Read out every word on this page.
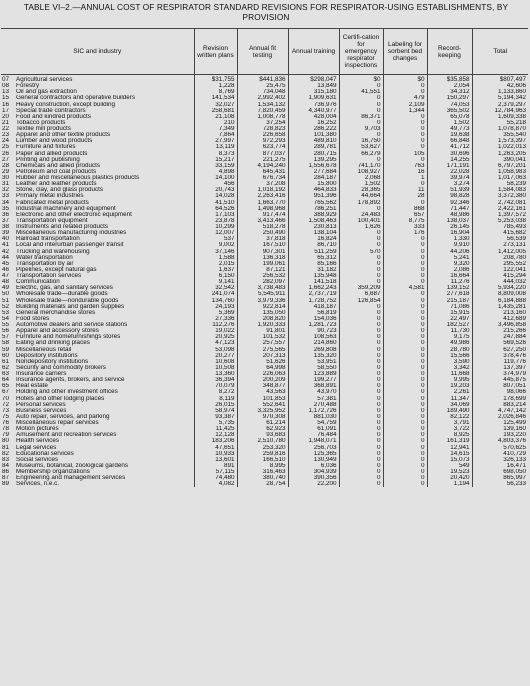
TABLE VI–2.—ANNUAL COST OF RESPIRATOR STANDARD REVISIONS FOR RESPIRATOR-USING ESTABLISHMENTS, BY PROVISION
SIC and industry		Revision written plans	Annual fit testing	Annual training	Certifi-cation for emergency respirator inspections	Labeling for sorbent bed changes	Record-keeping	Total
07	Agricultural services	$31,755	$441,836	$298,047	$0	$0	$35,858	$807,497
08	Forestry	1,228	25,475	13,849	0	0	2,054	42,606
13	Oil and gas extraction	8,769	734,048	315,180	41,551	0	34,312	1,133,860
15	General contractors and operative builders	141,534	2,992,402	1,909,631	0	479	150,297	5,194,342
16	Heavy construction, except building	32,027	1,534,132	736,976	0	2,109	74,053	2,379,297
17	Special trade contractors	258,681	7,820,459	4,340,977	0	1,344	365,502	12,784,963
20	Food and kindred products	21,108	1,008,778	428,004	86,371	0	65,078	1,609,338
21	Tobacco products	210	37,254	16,252	0	0	1,502	55,218
22	Textile mill products	7,349	728,823	286,222	9,703	0	49,773	1,078,870
23	Apparel and other textile products	7,864	226,658	101,380	0	0	19,638	355,540
24	Lumber and wood products	27,997	972,293	489,810	16,750	0	66,848	1,573,397
25	Furniture and fixtures	13,119	623,774	289,781	53,627	0	41,712	1,022,013
26	Paper and allied products	8,373	877,037	280,715	66,279	105	30,696	1,263,205
27	Printing and publishing	15,217	221,275	139,295	0	0	14,255	390,041
28	Chemicals and allied products	33,159	4,194,240	1,556,678	741,170	763	171,191	6,797,201
29	Petroleum and coal products	4,898	645,431	277,684	108,927	16	22,028	1,058,983
30	Rubber and miscellaneous plastics products	14,100	676,734	284,187	2,068	1	39,974	1,017,063
31	Leather and leather products	456	37,208	15,800	1,502	0	3,274	58,239
32	Stone, clay, and glass products	20,743	1,018,192	464,833	28,365	11	51,939	1,584,083
33	Primary metal industries	14,028	2,263,416	951,396	44,664	28	98,828	3,372,380
34	Fabricated metal products	41,510	1,663,770	765,562	178,892	0	92,346	2,742,081
35	Industrial machinery and equipment	64,526	1,498,968	786,251	0	868	71,447	2,422,161
36	Electronic and other electronic equipment	17,103	917,474	388,929	24,483	657	48,986	1,397,572
37	Transportation equipment	23,878	3,413,466	1,508,463	100,401	8,775	138,037	5,253,038
38	Instruments and related products	10,299	518,278	230,813	1,626	333	26,145	785,493
39	Miscellaneous manufacturing industries	12,007	250,490	138,104	0	176	16,904	415,682
40	Railroad transportation	537	37,818	16,824	0	0	1,330	56,539
41	Local and interurban passenger transit	9,002	167,510	86,710	0	0	9,910	273,131
42	Trucking and warehousing	37,146	907,301	511,259	570	0	44,206	1,412,005
44	Water transportation	1,588	136,318	65,312	0	0	5,241	208,780
45	Transportation by air	2,015	199,061	85,166	0	0	9,320	295,552
46	Pipelines, except natural gas	1,637	87,121	31,182	0	0	2,086	122,041
47	Transportation services	6,150	256,532	135,948	0	0	16,664	415,294
48	Communication	9,141	282,097	141,518	0	0	11,276	444,032
49	Electric, gas, and sanitary services	32,542	3,738,483	1,662,243	359,209	4,581	139,152	5,934,220
50	Wholesale trade—durable goods	241,074	5,545,911	2,737,719	6,687	0	277,618	8,809,008
51	Wholesale trade—nondurable goods	134,760	3,979,336	1,728,752	126,854	0	215,187	6,184,888
52	Building materials and garden supplies	24,193	922,814	418,187	0	0	71,086	1,435,281
53	General merchandise stores	5,369	135,050	56,819	0	0	15,915	213,160
54	Food stores	27,336	208,820	154,036	0	0	22,497	412,689
55	Automotive dealers and service stations	112,276	1,920,333	1,281,723	0	0	182,527	3,496,858
56	Apparel and accessory stores	19,022	91,801	90,723	0	0	11,730	215,266
57	Furniture and homefurnishings stores	20,925	101,532	108,563	0	0	9,175	247,884
58	Eating and drinking places	47,123	257,557	214,860	0	0	49,986	569,526
59	Miscellaneous retail	53,098	275,565	269,808	0	0	28,780	627,250
60	Depository institutions	20,277	207,313	135,320	0	0	15,566	378,476
61	Nondepository institutions	10,608	51,626	53,951	0	0	3,590	119,776
62	Security and commodity brokers	10,508	64,998	58,550	0	0	3,342	137,397
63	Insurance carriers	13,360	226,063	123,889	0	0	11,668	374,979
64	Insurance agents, brokers, and service	36,394	200,209	199,277	0	0	9,995	445,875
65	Real estate	70,079	348,877	368,891	0	0	19,203	807,051
67	Holding and other investment offices	8,272	43,563	43,970	0	0	2,261	98,066
70	Hotels and other lodging places	8,119	101,853	57,381	0	0	11,347	178,699
72	Personal services	26,015	552,641	270,488	0	0	34,069	883,214
73	Business services	58,974	3,325,952	1,172,726	0	0	189,490	4,747,142
75	Auto repair, services, and parking	93,387	970,308	881,030	0	0	82,122	2,026,846
76	Miscellaneous repair services	5,735	61,214	54,759	0	0	3,791	125,499
78	Motion pictures	11,425	62,923	61,091	0	0	3,722	139,160
79	Amusement and recreation services	12,128	93,683	76,484	0	0	8,925	193,220
80	Health services	183,206	2,510,780	1,948,071	0	0	161,319	4,803,376
81	Legal services	47,651	253,320	256,703	0	0	12,941	570,625
82	Educational services	10,933	259,816	125,365	0	0	14,615	410,729
83	Social services	13,601	166,510	130,949	0	0	15,073	326,133
84	Museums, botanical, zoological gardens	891	8,995	6,036	0	0	549	16,471
86	Membership organizations	57,115	316,463	304,939	0	0	19,523	698,050
87	Engineering and management services	74,480	380,740	390,356	0	0	20,420	865,997
89	Services, n.e.c.	4,082	28,754	22,200	0	0	1,194	56,233
